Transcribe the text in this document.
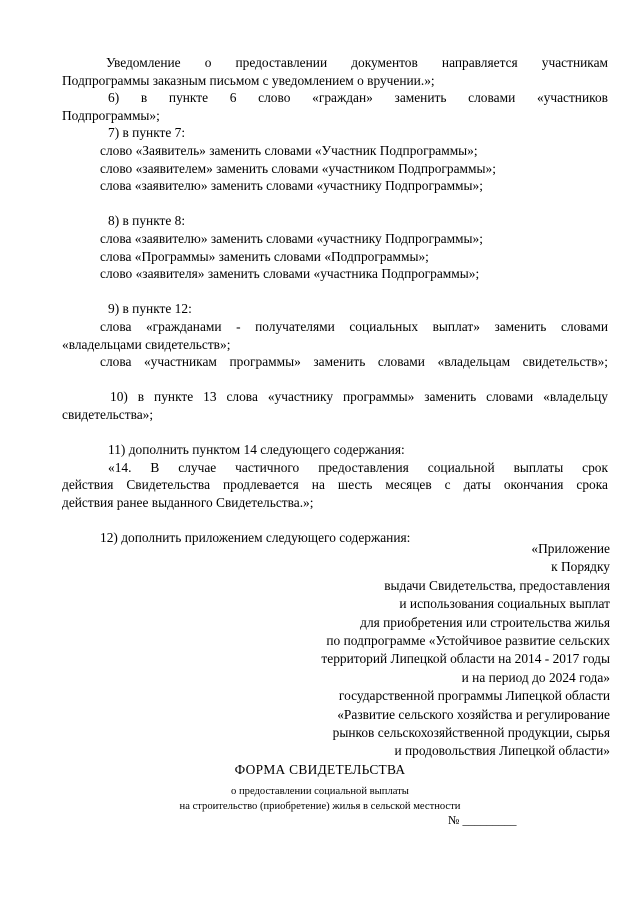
Уведомление о предоставлении документов направляется участникам

Подпрограммы заказным письмом с уведомлением о вручении.»;

6) в пункте 6 слово «граждан» заменить словами «участников

Подпрограммы»;

7) в пункте 7:

слово «Заявитель» заменить словами «Участник Подпрограммы»;

слово «заявителем» заменить словами «участником Подпрограммы»;

слова «заявителю» заменить словами «участнику Подпрограммы»;

8) в пункте 8:

слова «заявителю» заменить словами «участнику Подпрограммы»;

слова «Программы» заменить словами «Подпрограммы»;

слово «заявителя» заменить словами «участника Подпрограммы»;

9) в пункте 12:

слова «гражданами - получателями социальных выплат» заменить словами

«владельцами свидетельств»;

слова «участникам программы» заменить словами «владельцам свидетельств»;

10) в пункте 13 слова «участнику программы» заменить словами «владельцу

свидетельства»;

11) дополнить пунктом 14 следующего содержания:

«14. В случае частичного предоставления социальной выплаты срок

действия Свидетельства продлевается на шесть месяцев с даты окончания срока

действия ранее выданного Свидетельства.»;

12) дополнить приложением следующего содержания:

«Приложение

к Порядку

выдачи Свидетельства, предоставления

и использования социальных выплат

для приобретения или строительства жилья

по подпрограмме «Устойчивое развитие сельских

территорий Липецкой области на 2014 - 2017 годы

и на период до 2024 года»

государственной программы Липецкой области

«Развитие сельского хозяйства и регулирование

рынков сельскохозяйственной продукции, сырья

и продовольствия Липецкой области»

ФОРМА СВИДЕТЕЛЬСТВА
о предоставлении социальной выплаты
на строительство (приобретение) жилья в сельской местности
№ _________
